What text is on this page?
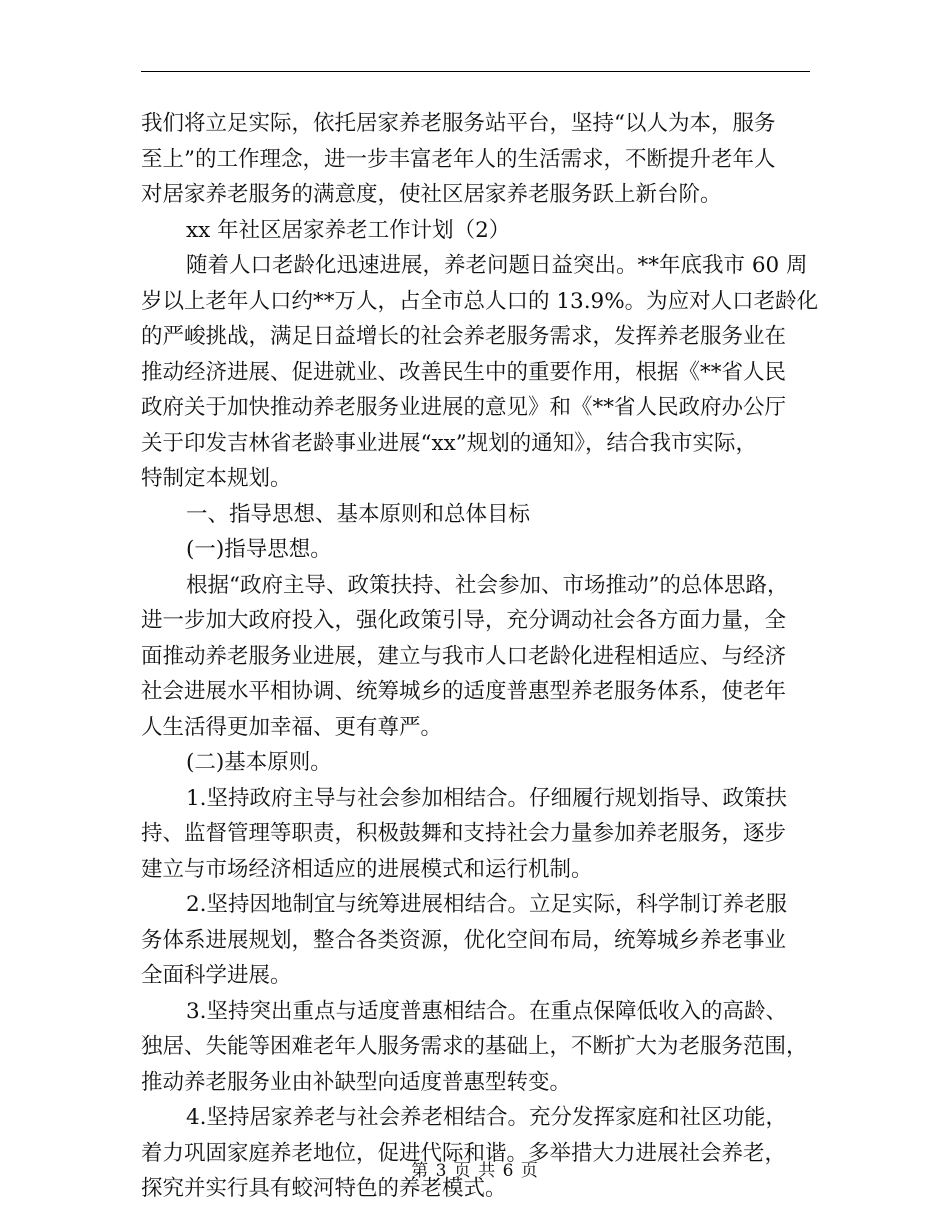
我们将立足实际，依托居家养老服务站平台，坚持“以人为本，服务
至上”的工作理念，进一步丰富老年人的生活需求，不断提升老年人
对居家养老服务的满意度，使社区居家养老服务跃上新台阶。
xx 年社区居家养老工作计划（2）
随着人口老龄化迅速进展，养老问题日益突出。**年底我市 60 周
岁以上老年人口约**万人，占全市总人口的 13.9%。为应对人口老龄化
的严峻挑战，满足日益增长的社会养老服务需求，发挥养老服务业在
推动经济进展、促进就业、改善民生中的重要作用，根据《**省人民
政府关于加快推动养老服务业进展的意见》和《**省人民政府办公厅
关于印发吉林省老龄事业进展“xx”规划的通知》，结合我市实际，
特制定本规划。
一、指导思想、基本原则和总体目标
(一)指导思想。
根据“政府主导、政策扶持、社会参加、市场推动”的总体思路，
进一步加大政府投入，强化政策引导，充分调动社会各方面力量，全
面推动养老服务业进展，建立与我市人口老龄化进程相适应、与经济
社会进展水平相协调、统筹城乡的适度普惠型养老服务体系，使老年
人生活得更加幸福、更有尊严。
(二)基本原则。
1.坚持政府主导与社会参加相结合。仔细履行规划指导、政策扶
持、监督管理等职责，积极鼓舞和支持社会力量参加养老服务，逐步
建立与市场经济相适应的进展模式和运行机制。
2.坚持因地制宜与统筹进展相结合。立足实际，科学制订养老服
务体系进展规划，整合各类资源，优化空间布局，统筹城乡养老事业
全面科学进展。
3.坚持突出重点与适度普惠相结合。在重点保障低收入的高龄、
独居、失能等困难老年人服务需求的基础上，不断扩大为老服务范围，
推动养老服务业由补缺型向适度普惠型转变。
4.坚持居家养老与社会养老相结合。充分发挥家庭和社区功能，
着力巩固家庭养老地位，促进代际和谐。多举措大力进展社会养老，
探究并实行具有蛟河特色的养老模式。
第 3 页 共 6 页
